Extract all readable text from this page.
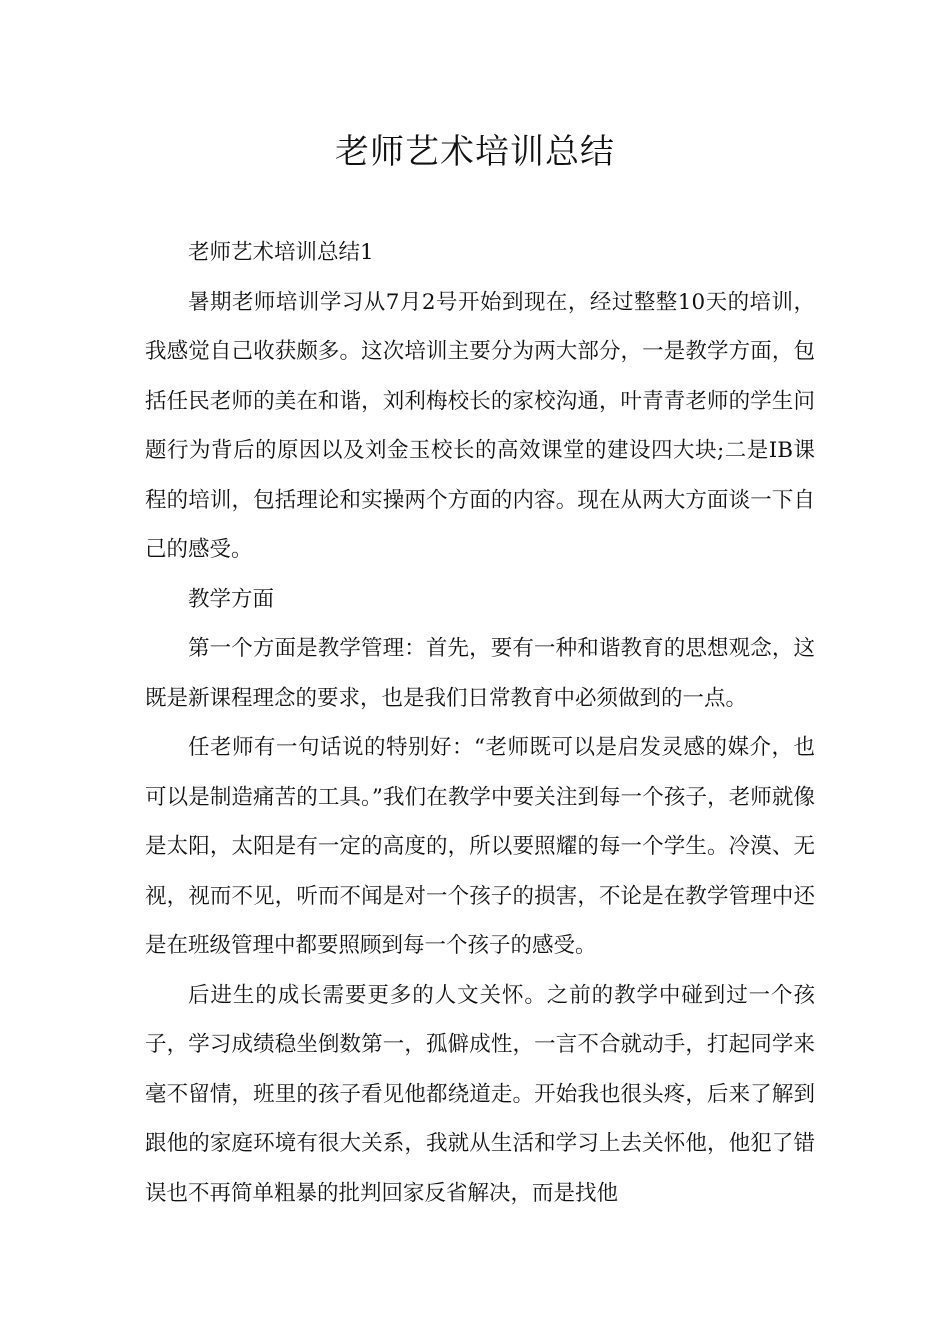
老师艺术培训总结

老师艺术培训总结1

暑期老师培训学习从7月2号开始到现在，经过整整10天的培训，我感觉自己收获颇多。这次培训主要分为两大部分，一是教学方面，包括任民老师的美在和谐，刘利梅校长的家校沟通，叶青青老师的学生问题行为背后的原因以及刘金玉校长的高效课堂的建设四大块;二是IB课程的培训，包括理论和实操两个方面的内容。现在从两大方面谈一下自己的感受。

教学方面

第一个方面是教学管理：首先，要有一种和谐教育的思想观念，这既是新课程理念的要求，也是我们日常教育中必须做到的一点。

任老师有一句话说的特别好：“老师既可以是启发灵感的媒介，也可以是制造痛苦的工具。”我们在教学中要关注到每一个孩子，老师就像是太阳，太阳是有一定的高度的，所以要照耀的每一个学生。冷漠、无视，视而不见，听而不闻是对一个孩子的损害，不论是在教学管理中还是在班级管理中都要照顾到每一个孩子的感受。

后进生的成长需要更多的人文关怀。之前的教学中碰到过一个孩子，学习成绩稳坐倒数第一，孤僻成性，一言不合就动手，打起同学来毫不留情，班里的孩子看见他都绕道走。开始我也很头疼，后来了解到跟他的家庭环境有很大关系，我就从生活和学习上去关怀他，他犯了错误也不再简单粗暴的批判回家反省解决，而是找他
